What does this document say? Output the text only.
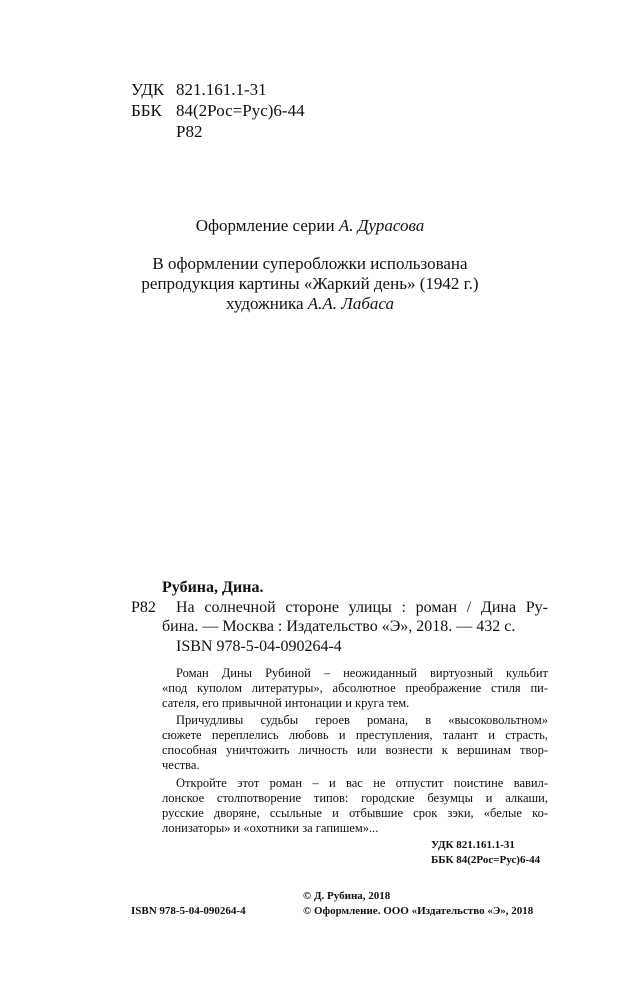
УДК 821.161.1-31
ББК 84(2Рос=Рус)6-44
Р82
Оформление серии А. Дурасова
В оформлении суперобложки использована
репродукция картины «Жаркий день» (1942 г.)
художника А.А. Лабаса
Рубина, Дина.
Р82 На солнечной стороне улицы : роман / Дина Ру-
бина. — Москва : Издательство «Э», 2018. — 432 с.
ISBN 978-5-04-090264-4
Роман Дины Рубиной – неожиданный виртуозный кульбит
«под куполом литературы», абсолютное преображение стиля пи-
сателя, его привычной интонации и круга тем.
Причудливы судьбы героев романа, в «высоковольтном»
сюжете переплелись любовь и преступления, талант и страсть,
способная уничтожить личность или вознести к вершинам твор-
чества.
Откройте этот роман – и вас не отпустит поистине вавил-
лонское столпотворение типов: городские безумцы и алкаши,
русские дворяне, ссыльные и отбывшие срок зэки, «белые ко-
лонизаторы» и «охотники за гапишем»...
УДК 821.161.1-31
ББК 84(2Рос=Рус)6-44
© Д. Рубина, 2018
ISBN 978-5-04-090264-4	© Оформление. ООО «Издательство «Э», 2018
